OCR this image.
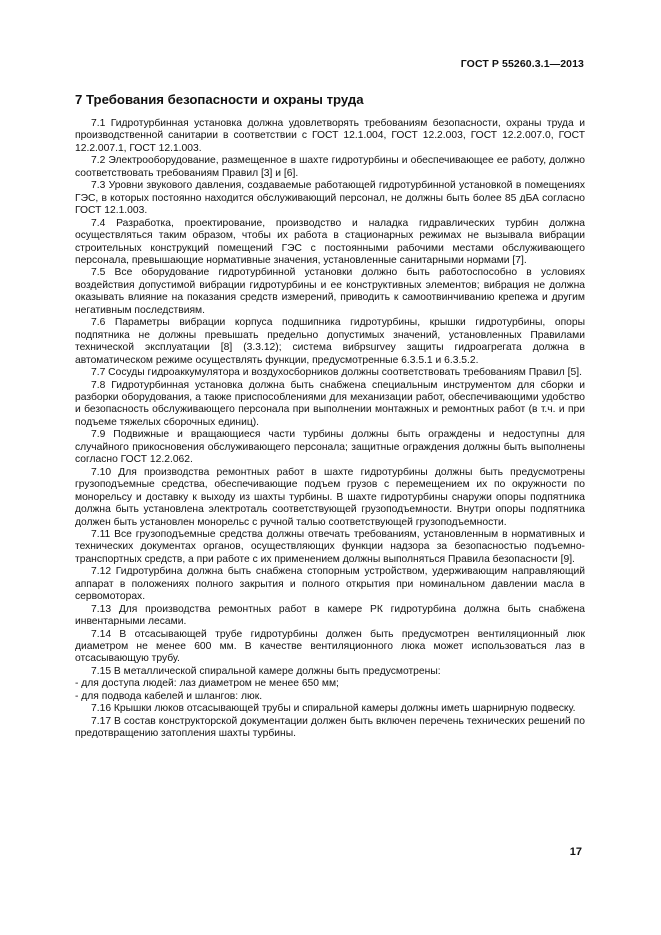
ГОСТ Р 55260.3.1—2013
7 Требования безопасности и охраны труда

7.1 Гидротурбинная установка должна удовлетворять требованиям безопасности, охраны труда и производственной санитарии в соответствии с ГОСТ 12.1.004, ГОСТ 12.2.003, ГОСТ 12.2.007.0, ГОСТ 12.2.007.1, ГОСТ 12.1.003.

7.2 Электрооборудование, размещенное в шахте гидротурбины и обеспечивающее ее работу, должно соответствовать требованиям Правил [3] и [6].

7.3 Уровни звукового давления, создаваемые работающей гидротурбинной установкой в помещениях ГЭС, в которых постоянно находится обслуживающий персонал, не должны быть более 85 дБА согласно ГОСТ 12.1.003.

7.4 Разработка, проектирование, производство и наладка гидравлических турбин должна осуществляться таким образом, чтобы их работа в стационарных режимах не вызывала вибрации строительных конструкций помещений ГЭС с постоянными рабочими местами обслуживающего персонала, превышающие нормативные значения, установленные санитарными нормами [7].

7.5 Все оборудование гидротурбинной установки должно быть работоспособно в условиях воздействия допустимой вибрации гидротурбины и ее конструктивных элементов; вибрация не должна оказывать влияние на показания средств измерений, приводить к самоотвинчиванию крепежа и другим негативным последствиям.

7.6 Параметры вибрации корпуса подшипника гидротурбины, крышки гидротурбины, опоры подпятника не должны превышать предельно допустимых значений, установленных Правилами технической эксплуатации [8] (3.3.12); система вибрsurvey защиты гидроагрегата должна в автоматическом режиме осуществлять функции, предусмотренные 6.3.5.1 и 6.3.5.2.

7.7 Сосуды гидроаккумулятора и воздухосборников должны соответствовать требованиям Правил [5].

7.8 Гидротурбинная установка должна быть снабжена специальным инструментом для сборки и разборки оборудования, а также приспособлениями для механизации работ, обеспечивающими удобство и безопасность обслуживающего персонала при выполнении монтажных и ремонтных работ (в т.ч. и при подъеме тяжелых сборочных единиц).

7.9 Подвижные и вращающиеся части турбины должны быть ограждены и недоступны для случайного прикосновения обслуживающего персонала; защитные ограждения должны быть выполнены согласно ГОСТ 12.2.062.

7.10 Для производства ремонтных работ в шахте гидротурбины должны быть предусмотрены грузоподъемные средства, обеспечивающие подъем грузов с перемещением их по окружности по монорельсу и доставку к выходу из шахты турбины. В шахте гидротурбины снаружи опоры подпятника должна быть установлена электроталь соответствующей грузоподъемности. Внутри опоры подпятника должен быть установлен монорельс с ручной талью соответствующей грузоподъемности.

7.11 Все грузоподъемные средства должны отвечать требованиям, установленным в нормативных и технических документах органов, осуществляющих функции надзора за безопасностью подъемно-транспортных средств, а при работе с их применением должны выполняться Правила безопасности [9].

7.12 Гидротурбина должна быть снабжена стопорным устройством, удерживающим направляющий аппарат в положениях полного закрытия и полного открытия при номинальном давлении масла в сервомоторах.

7.13 Для производства ремонтных работ в камере РК гидротурбина должна быть снабжена инвентарными лесами.

7.14 В отсасывающей трубе гидротурбины должен быть предусмотрен вентиляционный люк диаметром не менее 600 мм. В качестве вентиляционного люка может использоваться лаз в отсасывающую трубу.

7.15 В металлической спиральной камере должны быть предусмотрены:

- для доступа людей: лаз диаметром не менее 650 мм;

- для подвода кабелей и шлангов: люк.

7.16 Крышки люков отсасывающей трубы и спиральной камеры должны иметь шарнирную подвеску.

7.17 В состав конструкторской документации должен быть включен перечень технических решений по предотвращению затопления шахты турбины.

17
